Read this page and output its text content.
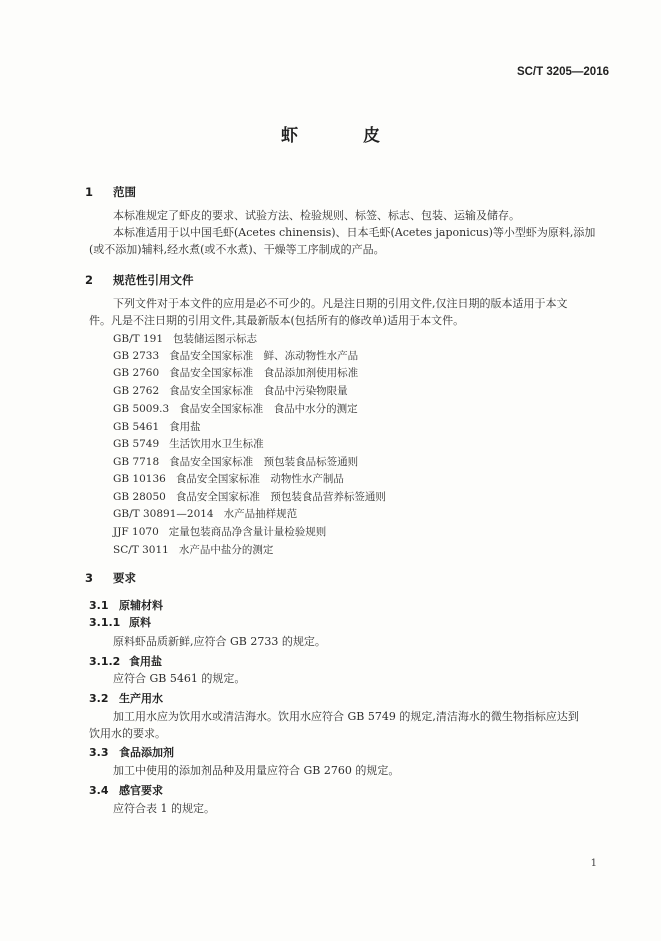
SC/T 3205—2016
虾　皮
1 范围
本标准规定了虾皮的要求、试验方法、检验规则、标签、标志、包装、运输及储存。
本标准适用于以中国毛虾(Acetes chinensis)、日本毛虾(Acetes japonicus)等小型虾为原料,添加
(或不添加)辅料,经水煮(或不水煮)、干燥等工序制成的产品。
2 规范性引用文件
下列文件对于本文件的应用是必不可少的。凡是注日期的引用文件,仅注日期的版本适用于本文
件。凡是不注日期的引用文件,其最新版本(包括所有的修改单)适用于本文件。
GB/T 191 包装储运图示标志
GB 2733 食品安全国家标准　鲜、冻动物性水产品
GB 2760 食品安全国家标准　食品添加剂使用标准
GB 2762 食品安全国家标准　食品中污染物限量
GB 5009.3 食品安全国家标准　食品中水分的测定
GB 5461 食用盐
GB 5749 生活饮用水卫生标准
GB 7718 食品安全国家标准　预包装食品标签通则
GB 10136 食品安全国家标准　动物性水产制品
GB 28050 食品安全国家标准　预包装食品营养标签通则
GB/T 30891—2014 水产品抽样规范
JJF 1070 定量包装商品净含量计量检验规则
SC/T 3011 水产品中盐分的测定
3 要求
3.1 原辅材料
3.1.1 原料
原料虾品质新鲜,应符合 GB 2733 的规定。
3.1.2 食用盐
应符合 GB 5461 的规定。
3.2 生产用水
加工用水应为饮用水或清洁海水。饮用水应符合 GB 5749 的规定,清洁海水的微生物指标应达到
饮用水的要求。
3.3 食品添加剂
加工中使用的添加剂品种及用量应符合 GB 2760 的规定。
3.4 感官要求
应符合表 1 的规定。
1
